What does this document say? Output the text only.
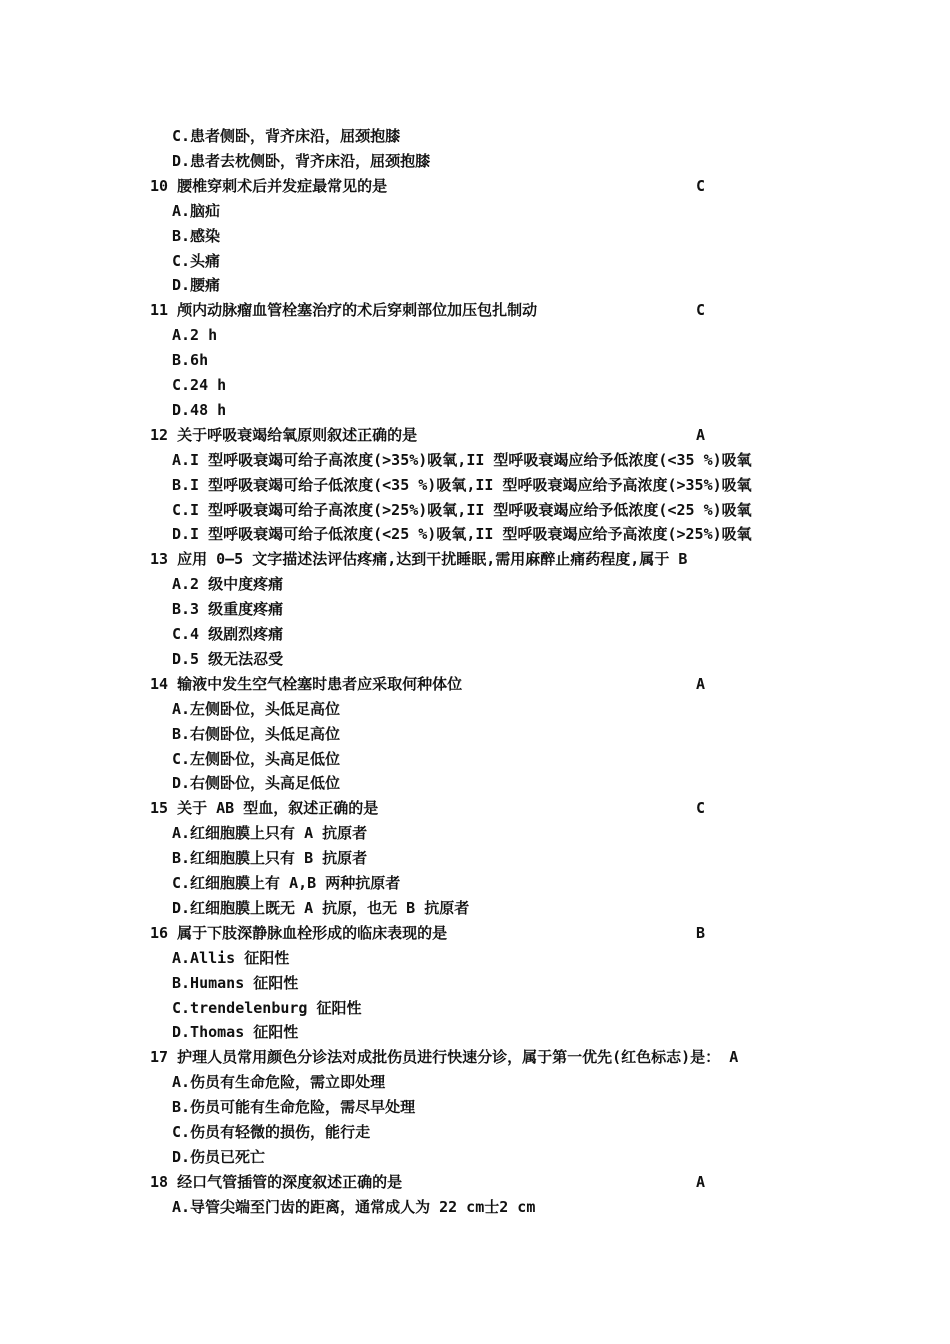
C.患者侧卧，背齐床沿，屈颈抱膝
D.患者去枕侧卧，背齐床沿，屈颈抱膝
10 腰椎穿刺术后并发症最常见的是	C
A.脑疝
B.感染
C.头痛
D.腰痛
11 颅内动脉瘤血管栓塞治疗的术后穿刺部位加压包扎制动	C
A.2 h
B.6h
C.24 h
D.48 h
12 关于呼吸衰竭给氧原则叙述正确的是	A
A.I 型呼吸衰竭可给子高浓度(>35%)吸氧,II 型呼吸衰竭应给予低浓度(<35 %)吸氧
B.I 型呼吸衰竭可给子低浓度(<35 %)吸氧,II 型呼吸衰竭应给予高浓度(>35%)吸氧
C.I 型呼吸衰竭可给子高浓度(>25%)吸氧,II 型呼吸衰竭应给予低浓度(<25 %)吸氧
D.I 型呼吸衰竭可给子低浓度(<25 %)吸氧,II 型呼吸衰竭应给予高浓度(>25%)吸氧
13 应用 0—5 文字描述法评估疼痛,达到干扰睡眠,需用麻醉止痛药程度,属于 B
A.2 级中度疼痛
B.3 级重度疼痛
C.4 级剧烈疼痛
D.5 级无法忍受
14 输液中发生空气栓塞时患者应采取何种体位	A
A.左侧卧位，头低足高位
B.右侧卧位，头低足高位
C.左侧卧位，头高足低位
D.右侧卧位，头高足低位
15 关于 AB 型血，叙述正确的是	C
A.红细胞膜上只有 A 抗原者
B.红细胞膜上只有 B 抗原者
C.红细胞膜上有 A,B 两种抗原者
D.红细胞膜上既无 A 抗原，也无 B 抗原者
16 属于下肢深静脉血栓形成的临床表现的是	B
A.Allis 征阳性
B.Humans 征阳性
C.trendelenburg 征阳性
D.Thomas 征阳性
17 护理人员常用颜色分诊法对成批伤员进行快速分诊，属于第一优先(红色标志)是： A
A.伤员有生命危险，需立即处理
B.伤员可能有生命危险，需尽早处理
C.伤员有轻微的损伤，能行走
D.伤员已死亡
18 经口气管插管的深度叙述正确的是	A
A.导管尖端至门齿的距离，通常成人为 22 cm士2 cm
